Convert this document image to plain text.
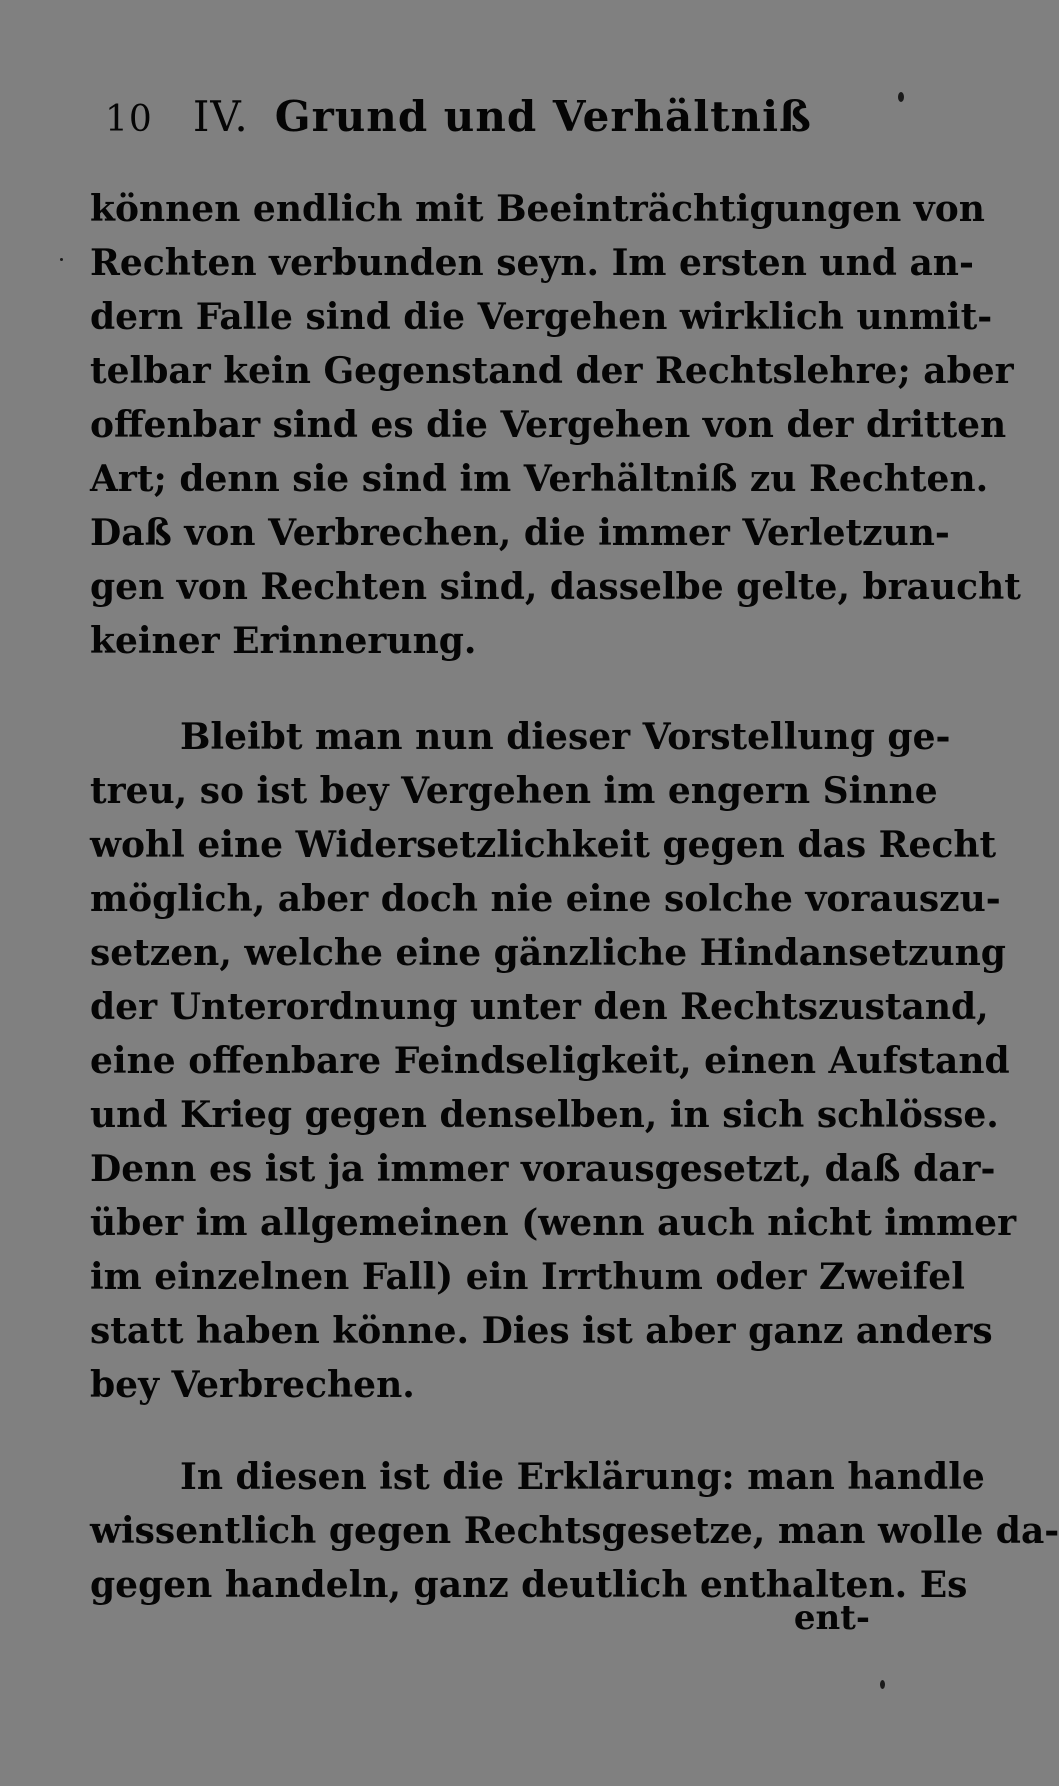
10 IV. Grund und Verhältniß
können endlich mit Beeinträchtigungen von
Rechten verbunden seyn. Im ersten und an-
dern Falle sind die Vergehen wirklich unmit-
telbar kein Gegenstand der Rechtslehre; aber
offenbar sind es die Vergehen von der dritten
Art; denn sie sind im Verhältniß zu Rechten.
Daß von Verbrechen, die immer Verletzun-
gen von Rechten sind, dasselbe gelte, braucht
keiner Erinnerung.
Bleibt man nun dieser Vorstellung ge-
treu, so ist bey Vergehen im engern Sinne
wohl eine Widersetzlichkeit gegen das Recht
möglich, aber doch nie eine solche vorauszu-
setzen, welche eine gänzliche Hindansetzung
der Unterordnung unter den Rechtszustand,
eine offenbare Feindseligkeit, einen Aufstand
und Krieg gegen denselben, in sich schlösse.
Denn es ist ja immer vorausgesetzt, daß dar-
über im allgemeinen (wenn auch nicht immer
im einzelnen Fall) ein Irrthum oder Zweifel
statt haben könne. Dies ist aber ganz anders
bey Verbrechen.
In diesen ist die Erklärung: man handle
wissentlich gegen Rechtsgesetze, man wolle da-
gegen handeln, ganz deutlich enthalten. Es
ent-
